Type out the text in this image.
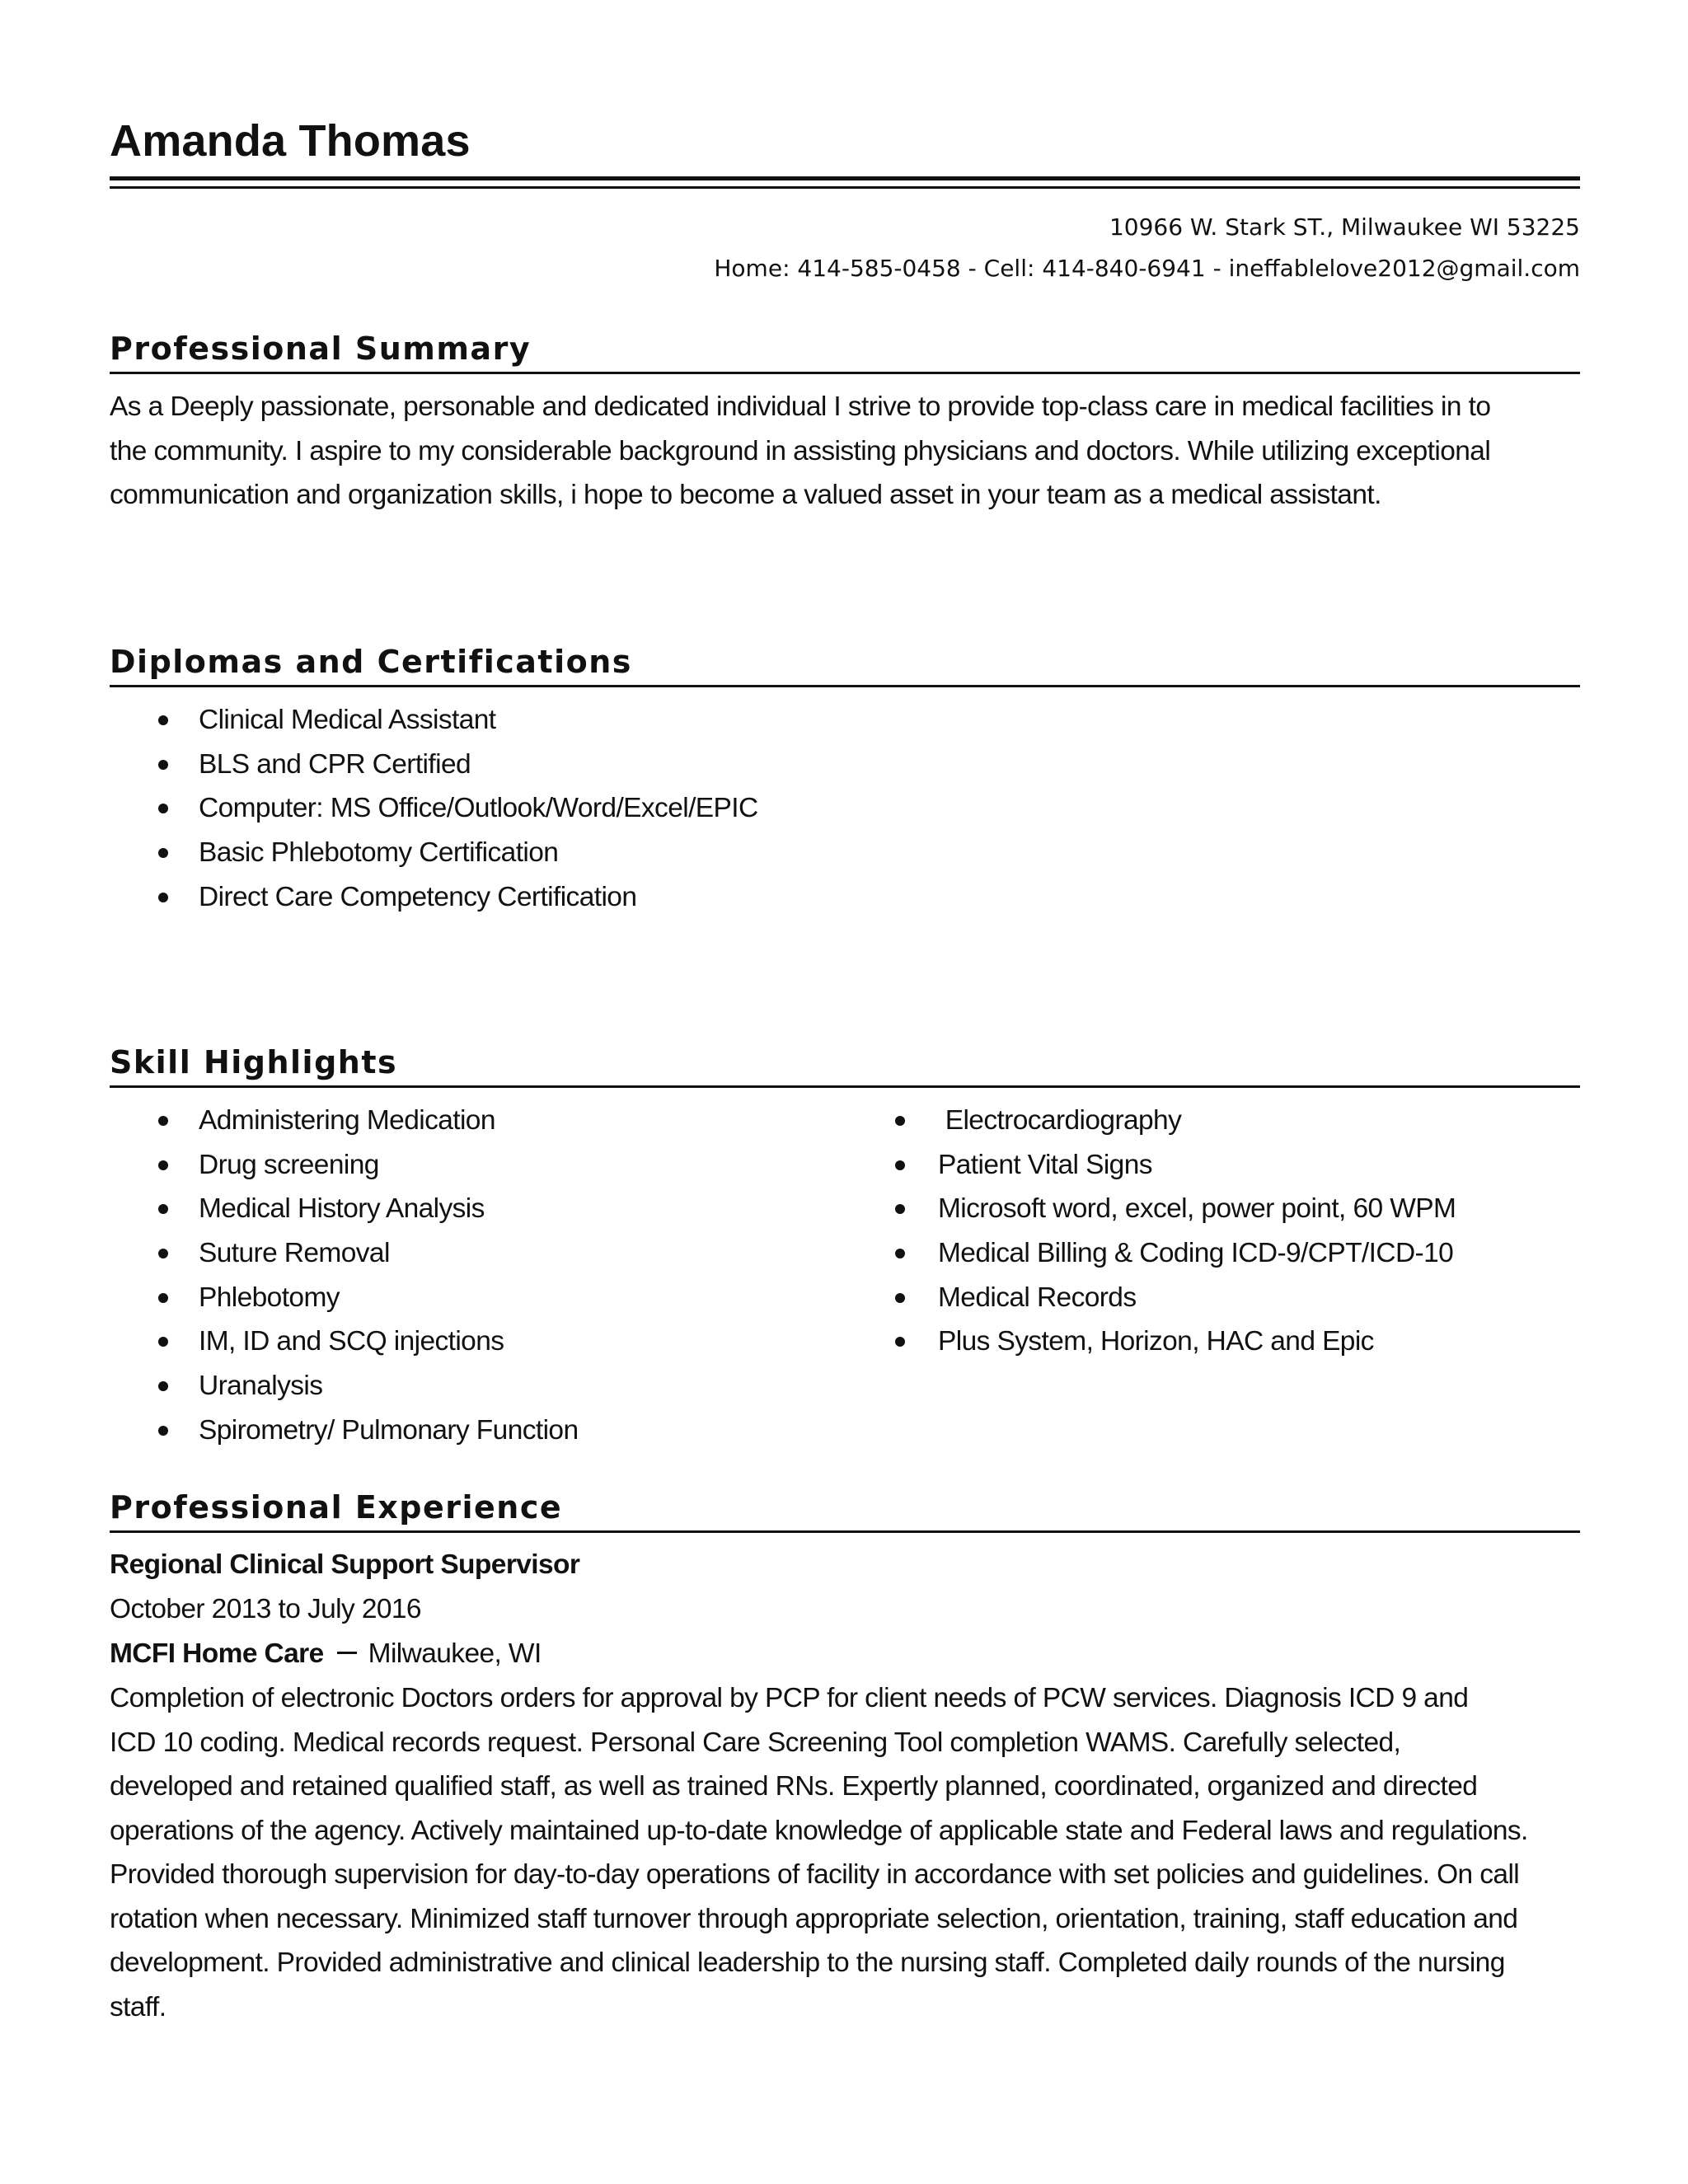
Amanda Thomas
10966 W. Stark ST., Milwaukee WI 53225
Home: 414-585-0458 - Cell: 414-840-6941 - ineffablelove2012@gmail.com
Professional Summary
As a Deeply passionate, personable and dedicated individual I strive to provide top-class care in medical facilities in to
the community. I aspire to my considerable background in assisting physicians and doctors. While utilizing exceptional
communication and organization skills, i hope to become a valued asset in your team as a medical assistant.
Diplomas and Certifications
Clinical Medical Assistant
BLS and CPR Certified
Computer: MS Office/Outlook/Word/Excel/EPIC
Basic Phlebotomy Certification
Direct Care Competency Certification
Skill Highlights
Administering Medication
Drug screening
Medical History Analysis
Suture Removal
Phlebotomy
IM, ID and SCQ injections
Uranalysis
Spirometry/ Pulmonary Function
Electrocardiography
Patient Vital Signs
Microsoft word, excel, power point, 60 WPM
Medical Billing & Coding ICD-9/CPT/ICD-10
Medical Records
Plus System, Horizon, HAC and Epic
Professional Experience
Regional Clinical Support Supervisor
October 2013 to July 2016
MCFI Home Care Milwaukee, WI
Completion of electronic Doctors orders for approval by PCP for client needs of PCW services. Diagnosis ICD 9 and
ICD 10 coding. Medical records request. Personal Care Screening Tool completion WAMS. Carefully selected,
developed and retained qualified staff, as well as trained RNs. Expertly planned, coordinated, organized and directed
operations of the agency. Actively maintained up-to-date knowledge of applicable state and Federal laws and regulations.
Provided thorough supervision for day-to-day operations of facility in accordance with set policies and guidelines. On call
rotation when necessary. Minimized staff turnover through appropriate selection, orientation, training, staff education and
development. Provided administrative and clinical leadership to the nursing staff. Completed daily rounds of the nursing
staff.
